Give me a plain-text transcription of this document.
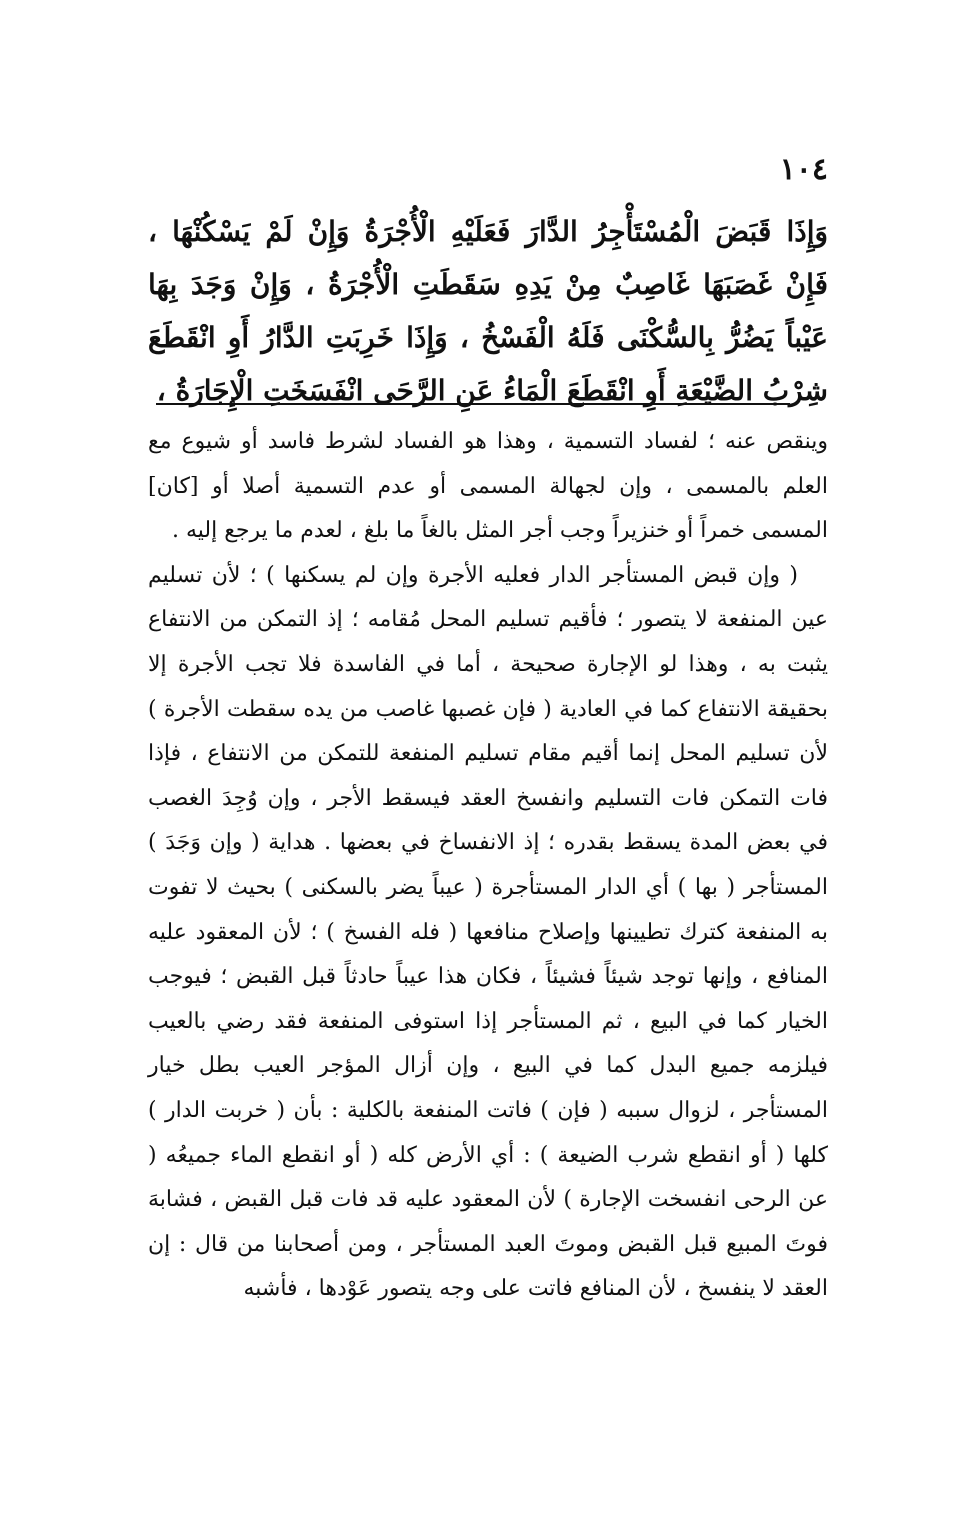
١٠٤

وَإِذَا قَبَضَ الْمُسْتَأْجِرُ الدَّارَ فَعَلَيْهِ الْأُجْرَةُ وَإِنْ لَمْ يَسْكُنْهَا ، فَإِنْ غَصَبَهَا غَاصِبٌ مِنْ يَدِهِ سَقَطَتِ الْأُجْرَةُ ، وَإِنْ وَجَدَ بِهَا عَيْباً يَضُرُّ بِالسُّكْنَى فَلَهُ الْفَسْخُ ، وَإِذَا خَرِبَتِ الدَّارُ أَوِ انْقَطَعَ شِرْبُ الضَّيْعَةِ أَوِ انْقَطَعَ الْمَاءُ عَنِ الرَّحَى انْفَسَخَتِ الْإِجَارَةُ ،

وينقص عنه ؛ لفساد التسمية ، وهذا هو الفساد لشرط فاسد أو شيوع مع العلم بالمسمى ، وإن لجهالة المسمى أو عدم التسمية أصلا أو [كان] المسمى خمراً أو خنزيراً وجب أجر المثل بالغاً ما بلغ ، لعدم ما يرجع إليه .

( وإن قبض المستأجر الدار فعليه الأجرة وإن لم يسكنها ) ؛ لأن تسليم عين المنفعة لا يتصور ؛ فأقيم تسليم المحل مُقامه ؛ إذ التمكن من الانتفاع يثبت به ، وهذا لو الإجارة صحيحة ، أما في الفاسدة فلا تجب الأجرة إلا بحقيقة الانتفاع كما في العادية ( فإن غصبها غاصب من يده سقطت الأجرة ) لأن تسليم المحل إنما أقيم مقام تسليم المنفعة للتمكن من الانتفاع ، فإذا فات التمكن فات التسليم وانفسخ العقد فيسقط الأجر ، وإن وُجِدَ الغصب في بعض المدة يسقط بقدره ؛ إذ الانفساخ في بعضها . هداية ( وإن وَجَدَ ) المستأجر ( بها ) أي الدار المستأجرة ( عيباً يضر بالسكنى ) بحيث لا تفوت به المنفعة كترك تطيينها وإصلاح منافعها ( فله الفسخ ) ؛ لأن المعقود عليه المنافع ، وإنها توجد شيئاً فشيئاً ، فكان هذا عيباً حادثاً قبل القبض ؛ فيوجب الخيار كما في البيع ، ثم المستأجر إذا استوفى المنفعة فقد رضي بالعيب فيلزمه جميع البدل كما في البيع ، وإن أزال المؤجر العيب بطل خيار المستأجر ، لزوال سببه ( فإن ) فاتت المنفعة بالكلية : بأن ( خربت الدار ) كلها ( أو انقطع شرب الضيعة ) : أي الأرض كله ( أو انقطع الماء جميعُه ( عن الرحى انفسخت الإجارة ) لأن المعقود عليه قد فات قبل القبض ، فشابهَ فوتَ المبيع قبل القبض وموتَ العبد المستأجر ، ومن أصحابنا من قال : إن العقد لا ينفسخ ، لأن المنافع فاتت على وجه يتصور عَوْدها ، فأشبه
